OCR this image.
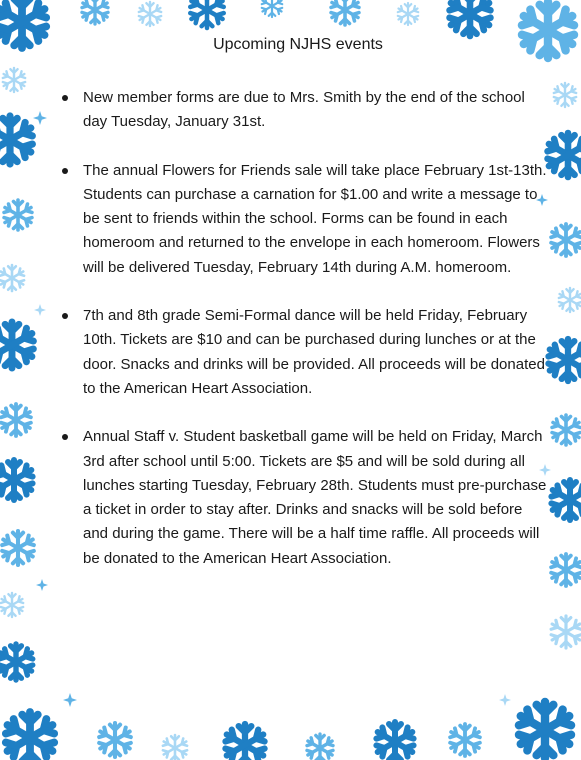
Upcoming NJHS events
New member forms are due to Mrs. Smith by the end of the school day Tuesday, January 31st.
The annual Flowers for Friends sale will take place February 1st-13th. Students can purchase a carnation for $1.00 and write a message to be sent to friends within the school. Forms can be found in each homeroom and returned to the envelope in each homeroom. Flowers will be delivered Tuesday, February 14th during A.M. homeroom.
7th and 8th grade Semi-Formal dance will be held Friday, February 10th. Tickets are $10 and can be purchased during lunches or at the door. Snacks and drinks will be provided. All proceeds will be donated to the American Heart Association.
Annual Staff v. Student basketball game will be held on Friday, March 3rd after school until 5:00. Tickets are $5 and will be sold during all lunches starting Tuesday, February 28th. Students must pre-purchase a ticket in order to stay after. Drinks and snacks will be sold before and during the game. There will be a half time raffle. All proceeds will be donated to the American Heart Association.
